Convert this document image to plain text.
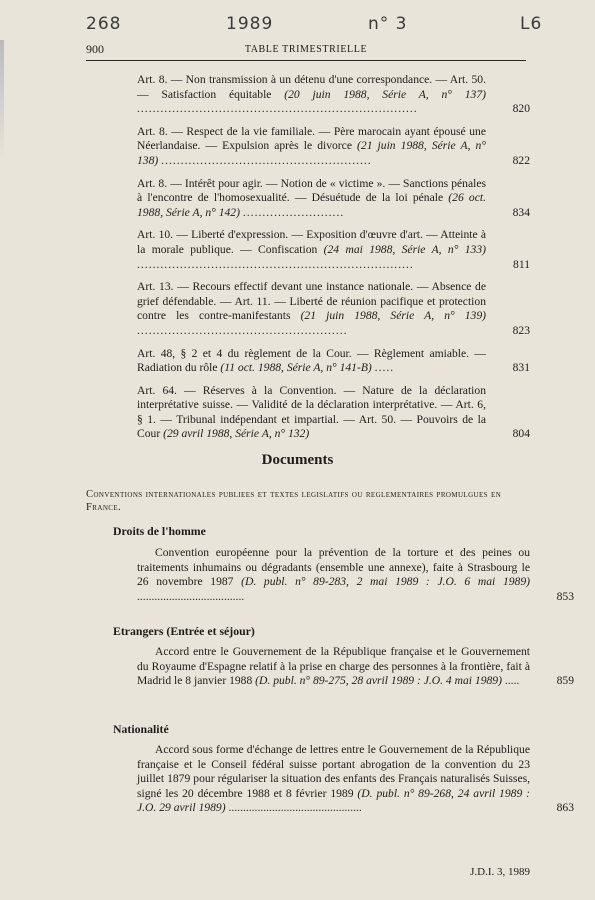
268	1989	n° 3	L6
900	TABLE TRIMESTRIELLE
Art. 8. — Non transmission à un détenu d'une correspondance. — Art. 50. — Satisfaction équitable (20 juin 1988, Série A, n° 137) ........................................................................	820
Art. 8. — Respect de la vie familiale. — Père marocain ayant épousé une Néerlandaise. — Expulsion après le divorce (21 juin 1988, Série A, n° 138) ......................................................	822
Art. 8. — Intérêt pour agir. — Notion de « victime ». — Sanctions pénales à l'encontre de l'homosexualité. — Désuétude de la loi pénale (26 oct. 1988, Série A, n° 142) ..........................	834
Art. 10. — Liberté d'expression. — Exposition d'œuvre d'art. — Atteinte à la morale publique. — Confiscation (24 mai 1988, Série A, n° 133) .......................................................................	811
Art. 13. — Recours effectif devant une instance nationale. — Absence de grief défendable. — Art. 11. — Liberté de réunion pacifique et protection contre les contre-manifestants (21 juin 1988, Série A, n° 139) ......................................................	823
Art. 48, § 2 et 4 du règlement de la Cour. — Règlement amiable. — Radiation du rôle (11 oct. 1988, Série A, n° 141-B) .....	831
Art. 64. — Réserves à la Convention. — Nature de la déclaration interprétative suisse. — Validité de la déclaration interprétative. — Art. 6, § 1. — Tribunal indépendant et impartial. — Art. 50. — Pouvoirs de la Cour (29 avril 1988, Série A, n° 132)	804
Documents
Conventions internationales publiees et textes legislatifs ou reglementaires promulgues en France.
Droits de l'homme

Convention européenne pour la prévention de la torture et des peines ou traitements inhumains ou dégradants (ensemble une annexe), faite à Strasbourg le 26 novembre 1987 (D. publ. n° 89-283, 2 mai 1989 : J.O. 6 mai 1989) .....................................	853
Etrangers (Entrée et séjour)

Accord entre le Gouvernement de la République française et le Gouvernement du Royaume d'Espagne relatif à la prise en charge des personnes à la frontière, fait à Madrid le 8 janvier 1988 (D. publ. n° 89-275, 28 avril 1989 : J.O. 4 mai 1989) .....	859
Nationalité

Accord sous forme d'échange de lettres entre le Gouvernement de la République française et le Conseil fédéral suisse portant abrogation de la convention du 23 juillet 1879 pour régulariser la situation des enfants des Français naturalisés Suisses, signé les 20 décembre 1988 et 8 février 1989 (D. publ. n° 89-268, 24 avril 1989 : J.O. 29 avril 1989) ..............................................	863
J.D.I. 3, 1989
